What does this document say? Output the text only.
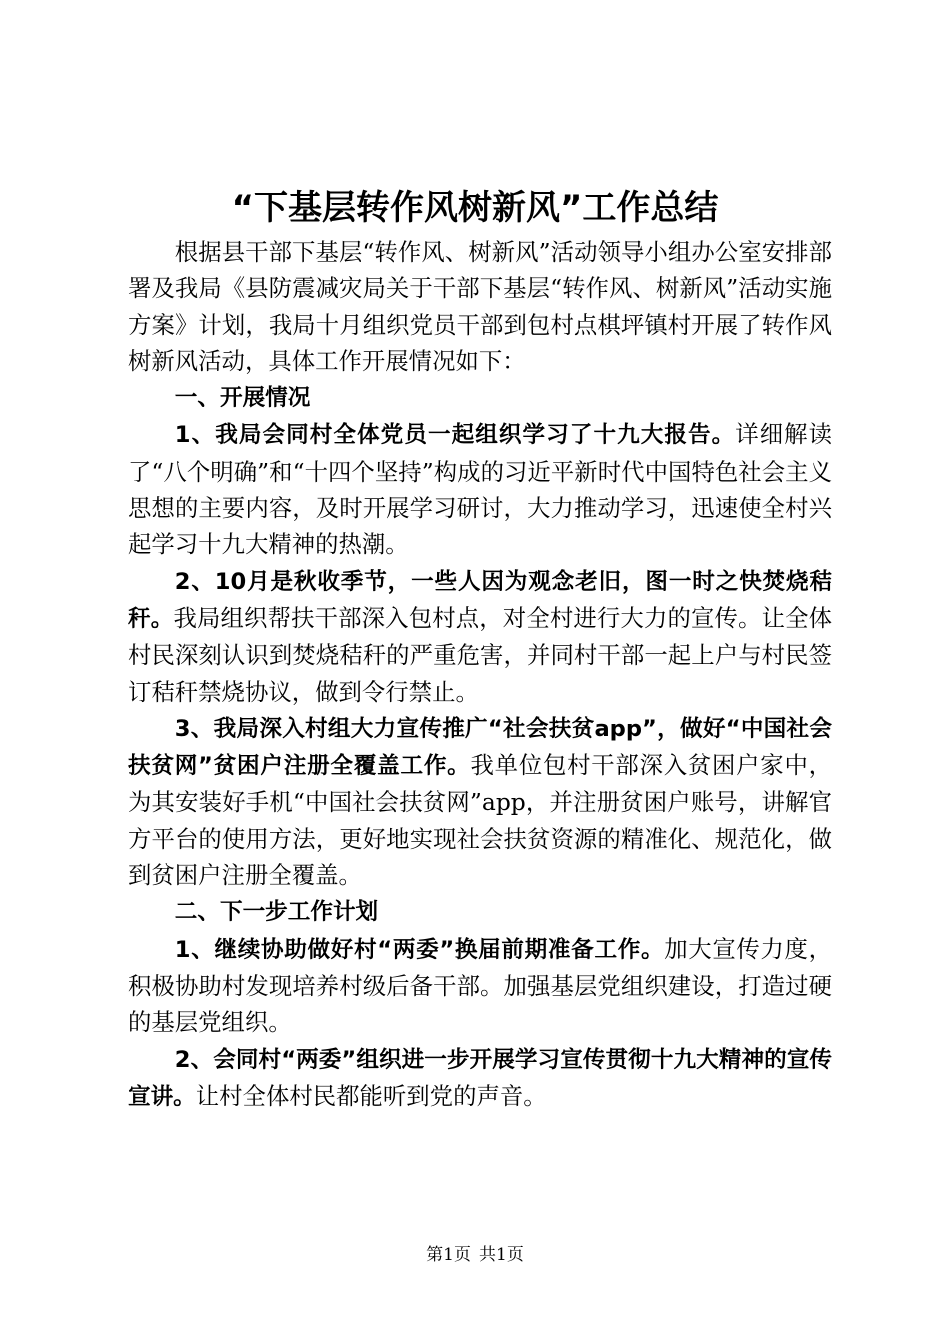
“下基层转作风树新风”工作总结

根据县干部下基层“转作风、树新风”活动领导小组办公室安排部署及我局《县防震减灾局关于干部下基层“转作风、树新风”活动实施方案》计划，我局十月组织党员干部到包村点棋坪镇村开展了转作风树新风活动，具体工作开展情况如下：

一、开展情况

1、我局会同村全体党员一起组织学习了十九大报告。详细解读了“八个明确”和“十四个坚持”构成的习近平新时代中国特色社会主义思想的主要内容，及时开展学习研讨，大力推动学习，迅速使全村兴起学习十九大精神的热潮。

2、10月是秋收季节，一些人因为观念老旧，图一时之快焚烧秸秆。我局组织帮扶干部深入包村点，对全村进行大力的宣传。让全体村民深刻认识到焚烧秸秆的严重危害，并同村干部一起上户与村民签订秸秆禁烧协议，做到令行禁止。

3、我局深入村组大力宣传推广“社会扶贫app”，做好“中国社会扶贫网”贫困户注册全覆盖工作。我单位包村干部深入贫困户家中，为其安装好手机“中国社会扶贫网”app，并注册贫困户账号，讲解官方平台的使用方法，更好地实现社会扶贫资源的精准化、规范化，做到贫困户注册全覆盖。

二、下一步工作计划

1、继续协助做好村“两委”换届前期准备工作。加大宣传力度，积极协助村发现培养村级后备干部。加强基层党组织建设，打造过硬的基层党组织。

2、会同村“两委”组织进一步开展学习宣传贯彻十九大精神的宣传宣讲。让村全体村民都能听到党的声音。

第1页 共1页
